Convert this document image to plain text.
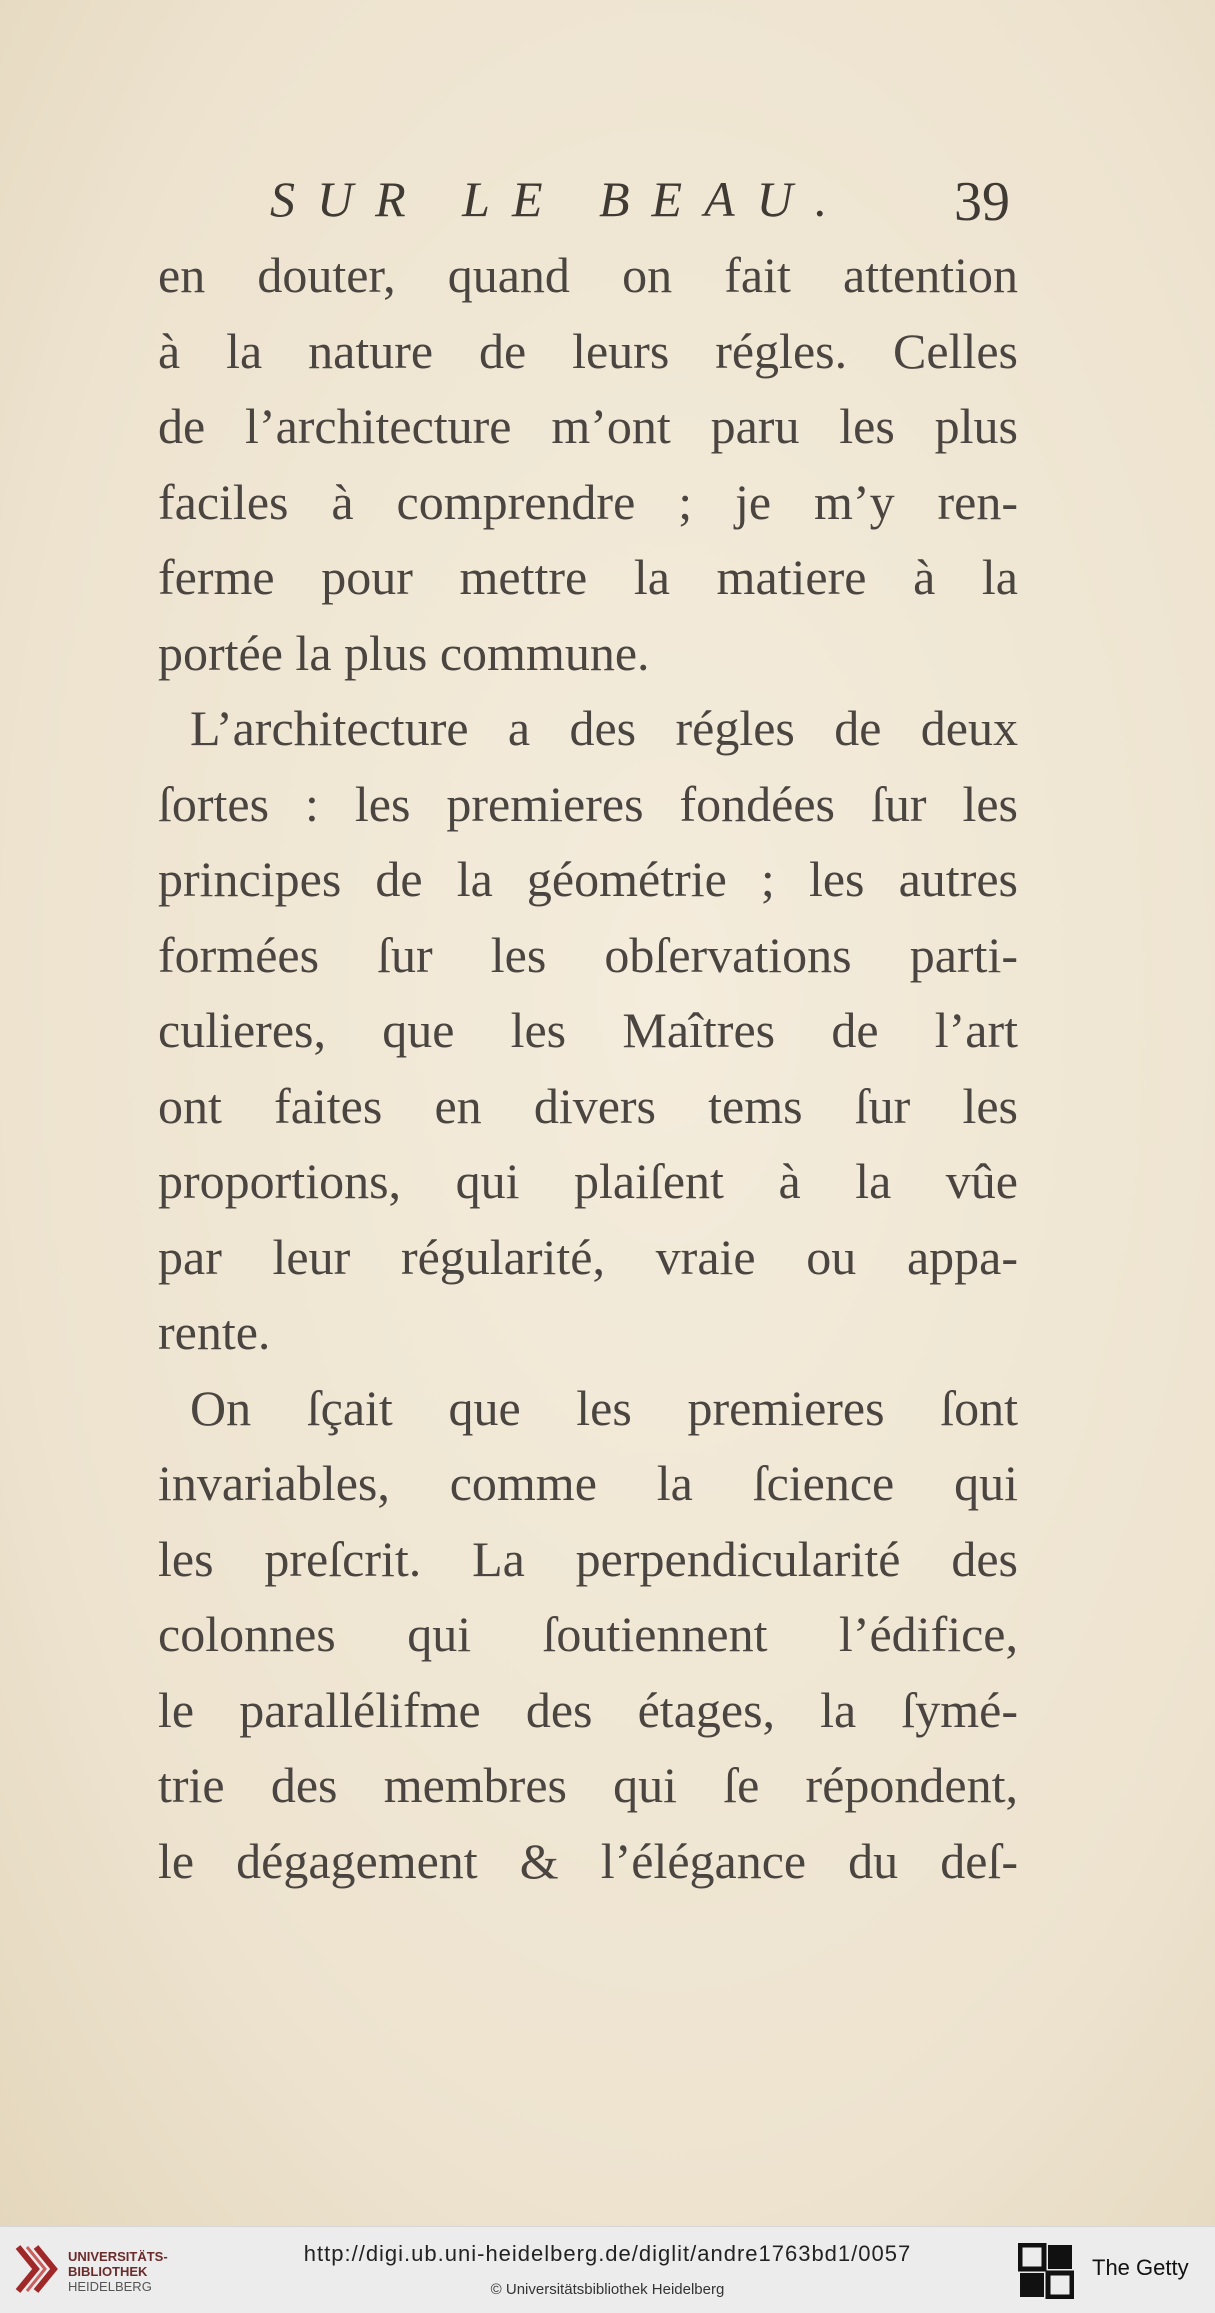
SUR LE BEAU. 39
en douter, quand on fait attention
à la nature de leurs régles. Celles
de l’architecture m’ont paru les plus
faciles à comprendre ; je m’y ren-
ferme pour mettre la matiere à la
portée la plus commune.
L’architecture a des régles de deux
ſortes : les premieres fondées ſur les
principes de la géométrie ; les autres
formées ſur les obſervations parti-
culieres, que les Maîtres de l’art
ont faites en divers tems ſur les
proportions, qui plaiſent à la vûe
par leur régularité, vraie ou appa-
rente.
On ſçait que les premieres ſont
invariables, comme la ſcience qui
les preſcrit. La perpendicularité des
colonnes qui ſoutiennent l’édifice,
le parallélifme des étages, la ſymé-
trie des membres qui ſe répondent,
le dégagement & l’élégance du deſ-
UNIVERSITÄTS-
BIBLIOTHEK
HEIDELBERG
http://digi.ub.uni-heidelberg.de/diglit/andre1763bd1/0057
© Universitätsbibliothek Heidelberg
The Getty
